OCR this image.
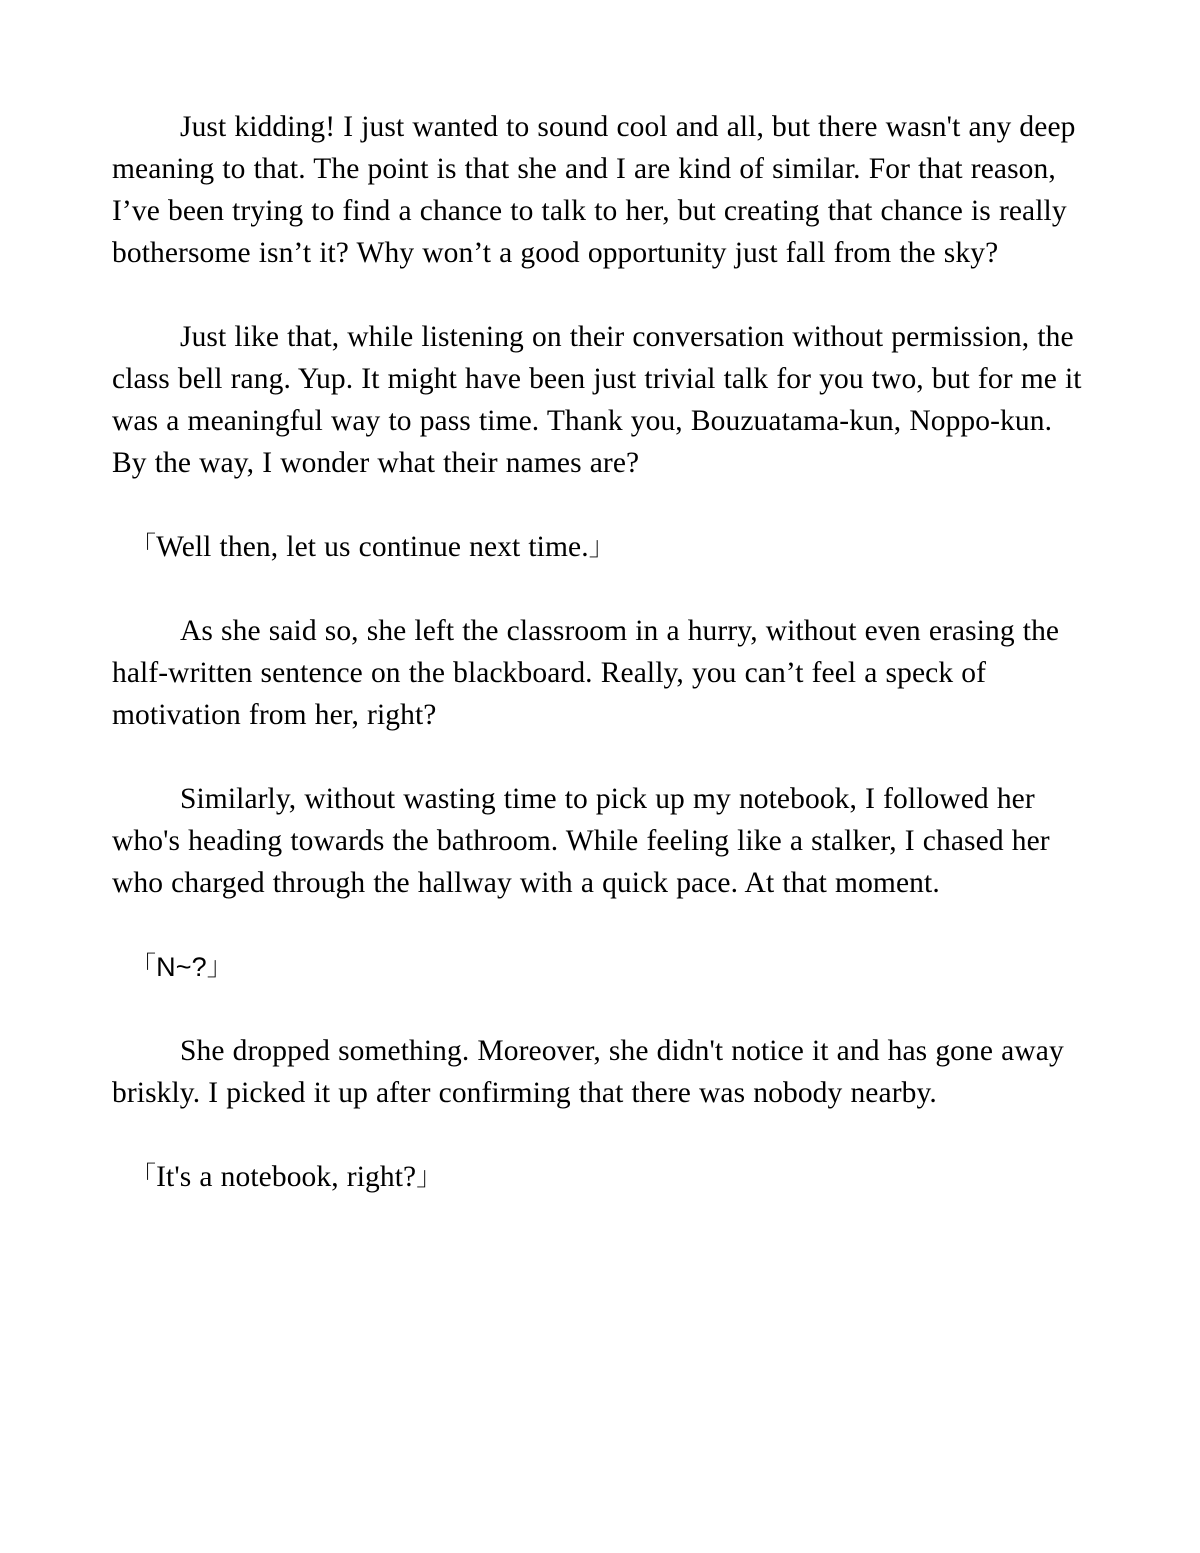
Just kidding! I just wanted to sound cool and all, but there wasn't any deep meaning to that. The point is that she and I are kind of similar. For that reason, I’ve been trying to find a chance to talk to her, but creating that chance is really bothersome isn’t it? Why won’t a good opportunity just fall from the sky?

Just like that, while listening on their conversation without permission, the class bell rang. Yup. It might have been just trivial talk for you two, but for me it was a meaningful way to pass time. Thank you, Bouzuatama-kun, Noppo-kun. By the way, I wonder what their names are?

「Well then, let us continue next time.」

As she said so, she left the classroom in a hurry, without even erasing the half-written sentence on the blackboard. Really, you can’t feel a speck of motivation from her, right?

Similarly, without wasting time to pick up my notebook, I followed her who's heading towards the bathroom. While feeling like a stalker, I chased her who charged through the hallway with a quick pace. At that moment.

「N~?」

She dropped something. Moreover, she didn't notice it and has gone away briskly. I picked it up after confirming that there was nobody nearby.

「It's a notebook, right?」
